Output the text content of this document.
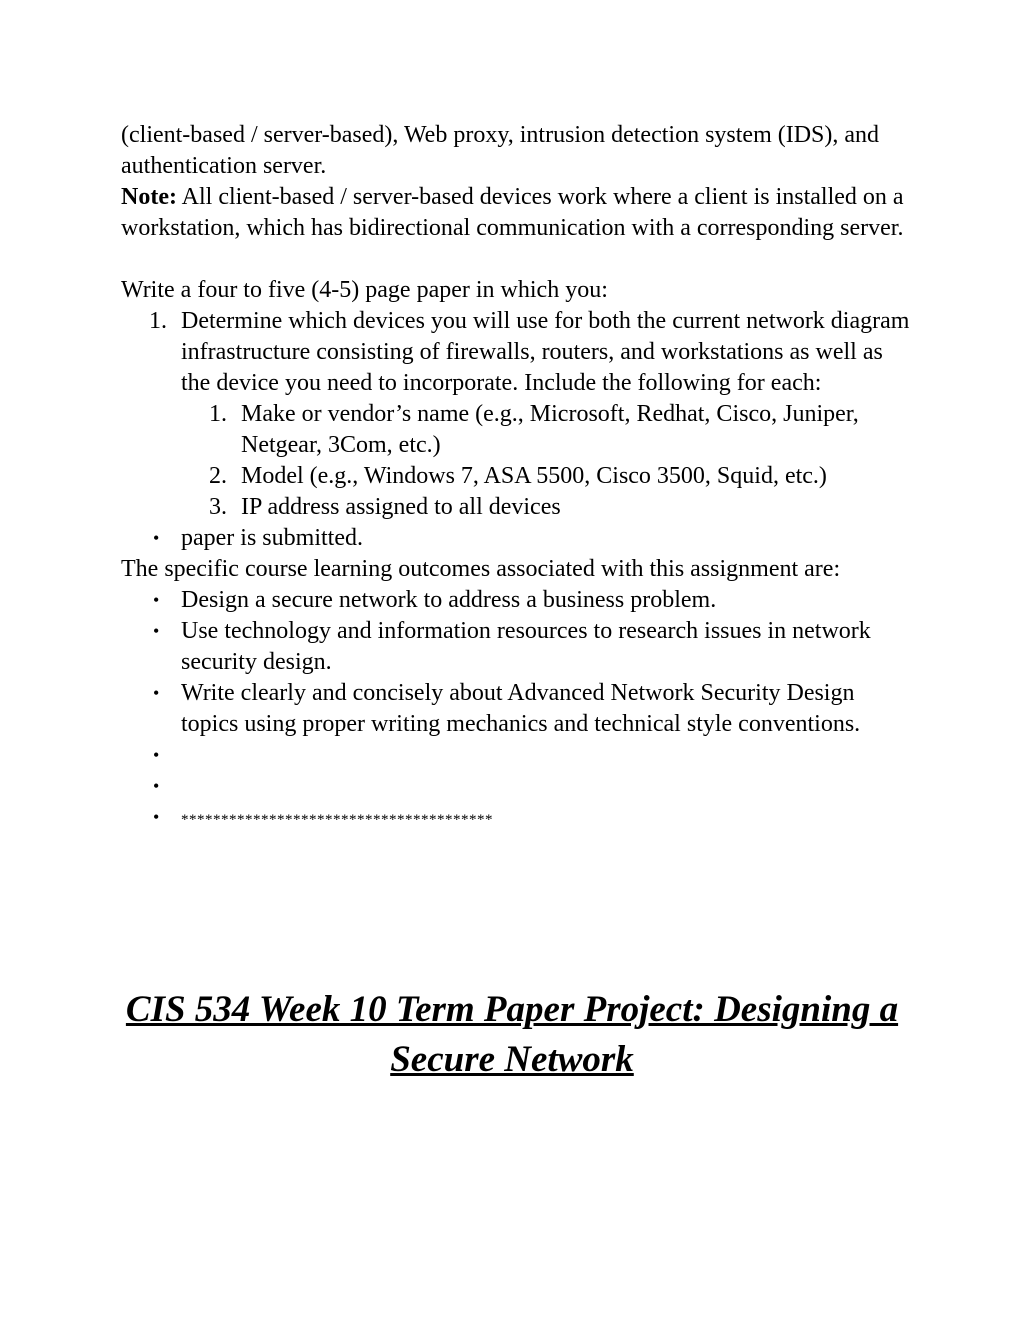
(client-based / server-based), Web proxy, intrusion detection system (IDS), and authentication server.
Note: All client-based / server-based devices work where a client is installed on a workstation, which has bidirectional communication with a corresponding server.

Write a four to five (4-5) page paper in which you:

Determine which devices you will use for both the current network diagram infrastructure consisting of firewalls, routers, and workstations as well as the device you need to incorporate. Include the following for each:
Make or vendor’s name (e.g., Microsoft, Redhat, Cisco, Juniper, Netgear, 3Com, etc.)
Model (e.g., Windows 7, ASA 5500, Cisco 3500, Squid, etc.)
IP address assigned to all devices
• paper is submitted.

The specific course learning outcomes associated with this assignment are:

• Design a secure network to address a business problem.
• Use technology and information resources to research issues in network security design.
• Write clearly and concisely about Advanced Network Security Design topics using proper writing mechanics and technical style conventions.
•
•
• ***************************************
CIS 534 Week 10 Term Paper Project: Designing a Secure Network
